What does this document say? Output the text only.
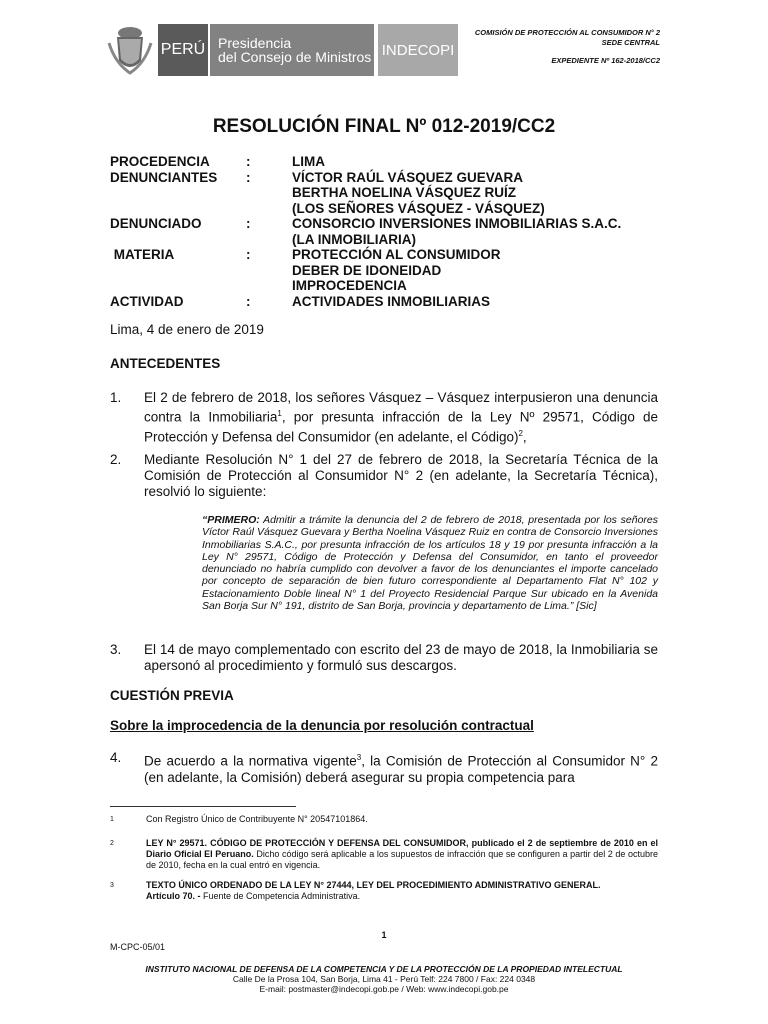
PERÚ Presidencia
del Consejo de Ministros INDECOPI
COMISIÓN DE PROTECCIÓN AL CONSUMIDOR N° 2
SEDE CENTRAL
EXPEDIENTE Nº 162-2018/CC2
RESOLUCIÓN FINAL Nº 012-2019/CC2
PROCEDENCIA	:	LIMA
DENUNCIANTES	:	VÍCTOR RAÚL VÁSQUEZ GUEVARA
BERTHA NOELINA VÁSQUEZ RUÍZ
(LOS SEÑORES VÁSQUEZ - VÁSQUEZ)
DENUNCIADO	:	CONSORCIO INVERSIONES INMOBILIARIAS S.A.C.
(LA INMOBILIARIA)
MATERIA	:	PROTECCIÓN AL CONSUMIDOR
DEBER DE IDONEIDAD
IMPROCEDENCIA
ACTIVIDAD	:	ACTIVIDADES INMOBILIARIAS
Lima, 4 de enero de 2019
ANTECEDENTES
1.	El 2 de febrero de 2018, los señores Vásquez – Vásquez interpusieron una denuncia contra la Inmobiliaria$^1$, por presunta infracción de la Ley Nº 29571, Código de Protección y Defensa del Consumidor (en adelante, el Código)$^2$,
2.	Mediante Resolución N° 1 del 27 de febrero de 2018, la Secretaría Técnica de la Comisión de Protección al Consumidor N° 2 (en adelante, la Secretaría Técnica), resolvió lo siguiente:
“PRIMERO: Admitir a trámite la denuncia del 2 de febrero de 2018, presentada por los señores Víctor Raúl Vásquez Guevara y Bertha Noelina Vásquez Ruiz en contra de Consorcio Inversiones Inmobiliarias S.A.C., por presunta infracción de los artículos 18 y 19 por presunta infracción a la Ley N° 29571, Código de Protección y Defensa del Consumidor, en tanto el proveedor denunciado no habría cumplido con devolver a favor de los denunciantes el importe cancelado por concepto de separación de bien futuro correspondiente al Departamento Flat N° 102 y Estacionamiento Doble lineal N° 1 del Proyecto Residencial Parque Sur ubicado en la Avenida San Borja Sur N° 191, distrito de San Borja, provincia y departamento de Lima.” [Sic]
3.	El 14 de mayo complementado con escrito del 23 de mayo de 2018, la Inmobiliaria se apersonó al procedimiento y formuló sus descargos.
CUESTIÓN PREVIA
Sobre la improcedencia de la denuncia por resolución contractual
4.	De acuerdo a la normativa vigente$^3$, la Comisión de Protección al Consumidor N° 2 (en adelante, la Comisión) deberá asegurar su propia competencia para
1	Con Registro Único de Contribuyente N° 20547101864.
2	LEY N° 29571. CÓDIGO DE PROTECCIÓN Y DEFENSA DEL CONSUMIDOR, publicado el 2 de septiembre de 2010 en el Diario Oficial El Peruano. Dicho código será aplicable a los supuestos de infracción que se configuren a partir del 2 de octubre de 2010, fecha en la cual entró en vigencia.
3	TEXTO ÚNICO ORDENADO DE LA LEY N° 27444, LEY DEL PROCEDIMIENTO ADMINISTRATIVO GENERAL.
Artículo 70. - Fuente de Competencia Administrativa.
1
M-CPC-05/01
INSTITUTO NACIONAL DE DEFENSA DE LA COMPETENCIA Y DE LA PROTECCIÓN DE LA PROPIEDAD INTELECTUAL
Calle De la Prosa 104, San Borja, Lima 41 - Perú Telf: 224 7800 / Fax: 224 0348
E-mail: postmaster@indecopi.gob.pe / Web: www.indecopi.gob.pe
